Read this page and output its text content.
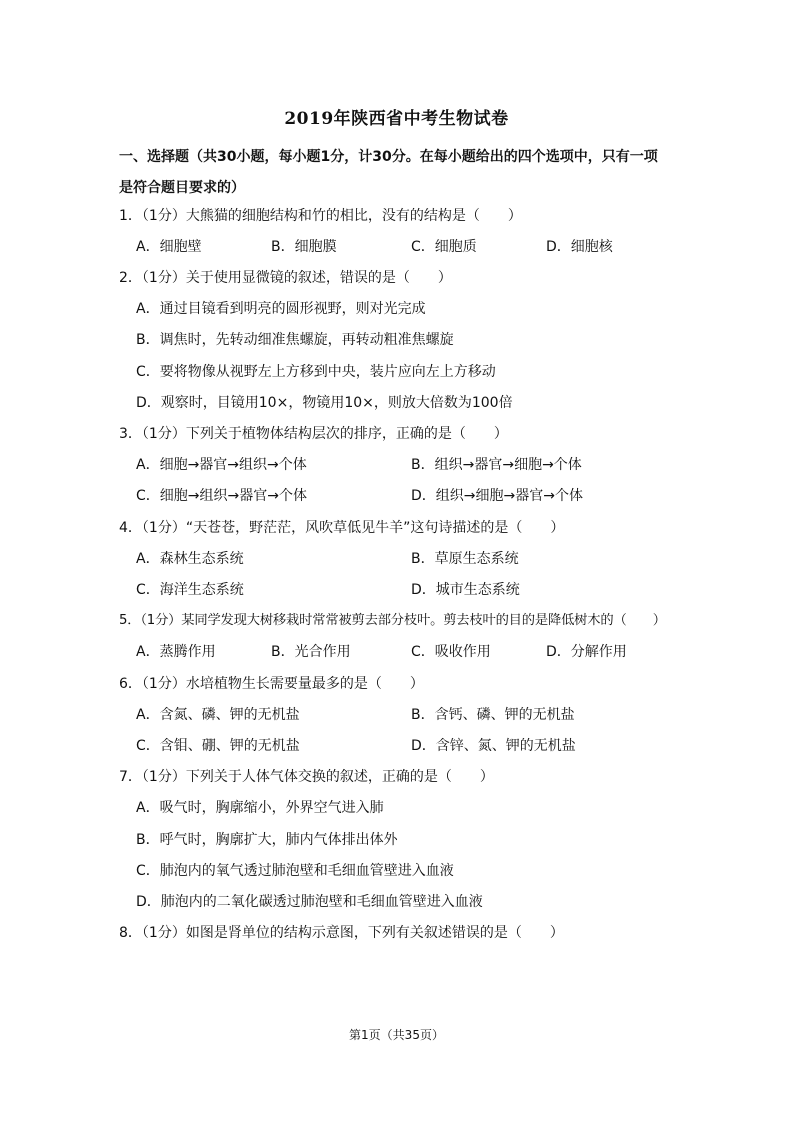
2019年陕西省中考生物试卷
一、选择题（共30小题，每小题1分，计30分。在每小题给出的四个选项中，只有一项
是符合题目要求的）
1．（1分）大熊猫的细胞结构和竹的相比，没有的结构是（　　）
A．细胞壁	B．细胞膜	C．细胞质	D．细胞核
2．（1分）关于使用显微镜的叙述，错误的是（　　）
A．通过目镜看到明亮的圆形视野，则对光完成
B．调焦时，先转动细准焦螺旋，再转动粗准焦螺旋
C．要将物像从视野左上方移到中央，装片应向左上方移动
D．观察时，目镜用10×，物镜用10×，则放大倍数为100倍
3．（1分）下列关于植物体结构层次的排序，正确的是（　　）
A．细胞→器官→组织→个体	B．组织→器官→细胞→个体
C．细胞→组织→器官→个体	D．组织→细胞→器官→个体
4．（1分）“天苍苍，野茫茫，风吹草低见牛羊”这句诗描述的是（　　）
A．森林生态系统	B．草原生态系统
C．海洋生态系统	D．城市生态系统
5．（1分）某同学发现大树移栽时常常被剪去部分枝叶。剪去枝叶的目的是降低树木的（　　）
A．蒸腾作用	B．光合作用	C．吸收作用	D．分解作用
6．（1分）水培植物生长需要量最多的是（　　）
A．含氮、磷、钾的无机盐	B．含钙、磷、钾的无机盐
C．含钼、硼、钾的无机盐	D．含锌、氮、钾的无机盐
7．（1分）下列关于人体气体交换的叙述，正确的是（　　）
A．吸气时，胸廓缩小，外界空气进入肺
B．呼气时，胸廓扩大，肺内气体排出体外
C．肺泡内的氧气透过肺泡壁和毛细血管壁进入血液
D．肺泡内的二氧化碳透过肺泡壁和毛细血管壁进入血液
8．（1分）如图是肾单位的结构示意图，下列有关叙述错误的是（　　）
第1页（共35页）
